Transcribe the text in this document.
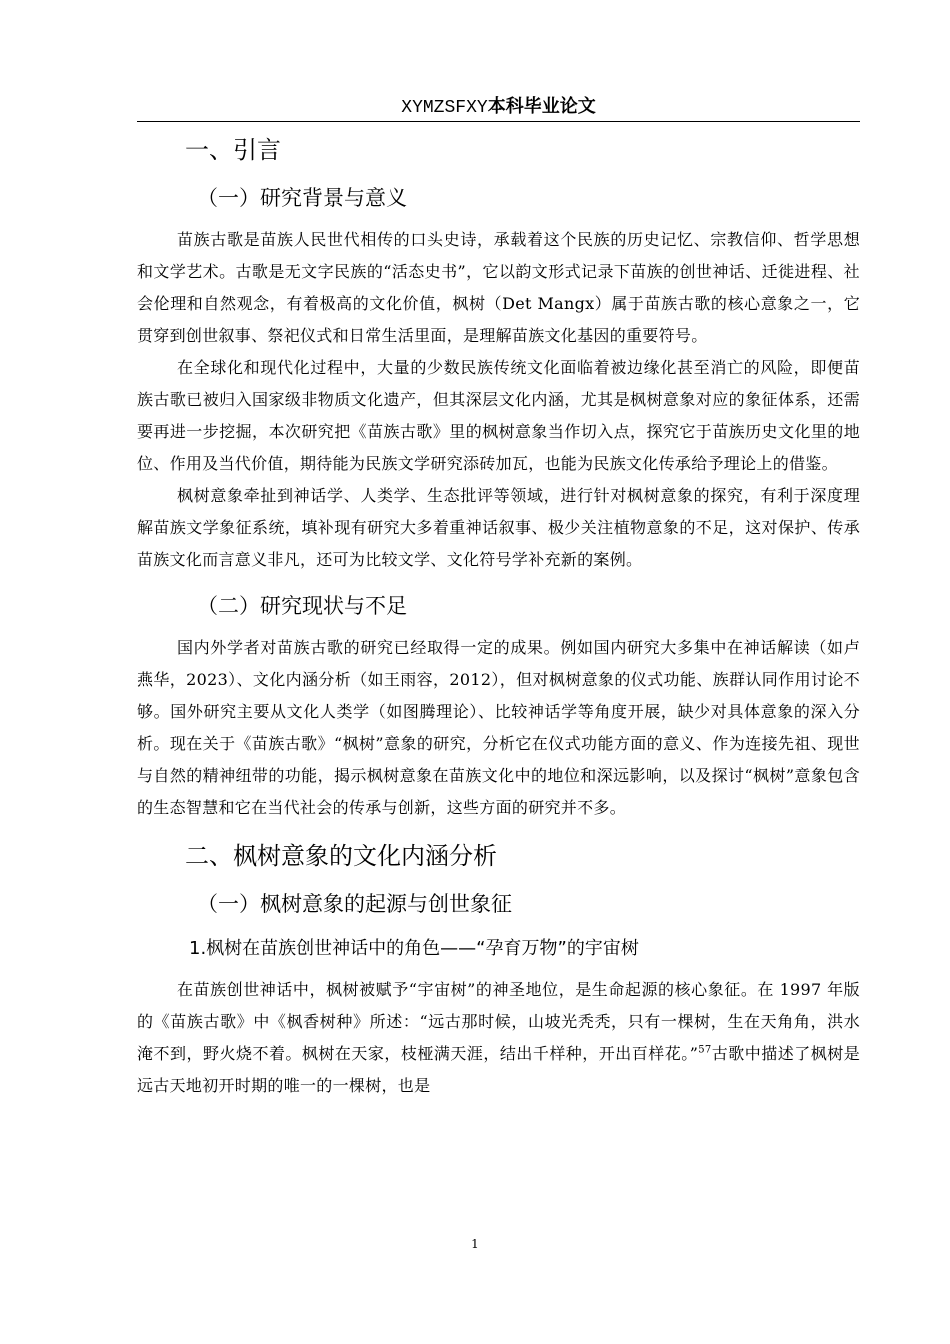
XYMZSFXY本科毕业论文
一、引言
（一）研究背景与意义

苗族古歌是苗族人民世代相传的口头史诗，承载着这个民族的历史记忆、宗教信仰、哲学思想和文学艺术。古歌是无文字民族的“活态史书”，它以韵文形式记录下苗族的创世神话、迁徙进程、社会伦理和自然观念，有着极高的文化价值，枫树（Det Mangx）属于苗族古歌的核心意象之一，它贯穿到创世叙事、祭祀仪式和日常生活里面，是理解苗族文化基因的重要符号。

在全球化和现代化过程中，大量的少数民族传统文化面临着被边缘化甚至消亡的风险，即便苗族古歌已被归入国家级非物质文化遗产，但其深层文化内涵，尤其是枫树意象对应的象征体系，还需要再进一步挖掘，本次研究把《苗族古歌》里的枫树意象当作切入点，探究它于苗族历史文化里的地位、作用及当代价值，期待能为民族文学研究添砖加瓦，也能为民族文化传承给予理论上的借鉴。

枫树意象牵扯到神话学、人类学、生态批评等领域，进行针对枫树意象的探究，有利于深度理解苗族文学象征系统，填补现有研究大多着重神话叙事、极少关注植物意象的不足，这对保护、传承苗族文化而言意义非凡，还可为比较文学、文化符号学补充新的案例。

（二）研究现状与不足

国内外学者对苗族古歌的研究已经取得一定的成果。例如国内研究大多集中在神话解读（如卢燕华，2023）、文化内涵分析（如王雨容，2012），但对枫树意象的仪式功能、族群认同作用讨论不够。国外研究主要从文化人类学（如图腾理论）、比较神话学等角度开展，缺少对具体意象的深入分析。现在关于《苗族古歌》“枫树”意象的研究，分析它在仪式功能方面的意义、作为连接先祖、现世与自然的精神纽带的功能，揭示枫树意象在苗族文化中的地位和深远影响，以及探讨“枫树”意象包含的生态智慧和它在当代社会的传承与创新，这些方面的研究并不多。

二、枫树意象的文化内涵分析
（一）枫树意象的起源与创世象征
1.枫树在苗族创世神话中的角色——“孕育万物”的宇宙树

在苗族创世神话中，枫树被赋予“宇宙树”的神圣地位，是生命起源的核心象征。在 1997 年版的《苗族古歌》中《枫香树种》所述：“远古那时候，山坡光秃秃，只有一棵树，生在天角角，洪水淹不到，野火烧不着。枫树在天家，枝桠满天涯，结出千样种，开出百样花。”$^{57}$古歌中描述了枫树是远古天地初开时期的唯一的一棵树，也是

1
